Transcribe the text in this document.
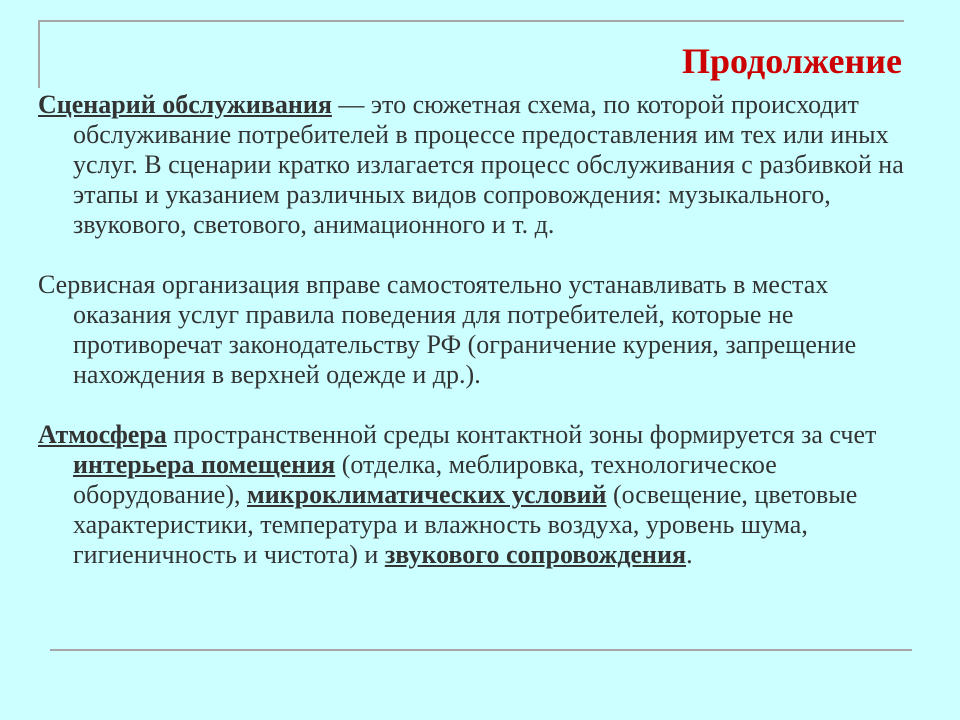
Продолжение

Сценарий обслуживания — это сюжетная схема, по которой происходит обслуживание потребителей в процессе предоставления им тех или иных услуг. В сценарии кратко излагается процесс обслуживания с разбивкой на этапы и указанием различных видов сопровождения: музыкального, звукового, светового, анимационного и т. д.

Сервисная организация вправе самостоятельно устанавливать в местах оказания услуг правила поведения для потребителей, которые не противоречат законодательству РФ (ограничение курения, запрещение нахождения в верхней одежде и др.).

Атмосфера пространственной среды контактной зоны формируется за счет интерьера помещения (отделка, меблировка, технологическое оборудование), микроклиматических условий (освещение, цветовые характеристики, температура и влажность воздуха, уровень шума, гигиеничность и чистота) и звукового сопровождения.
